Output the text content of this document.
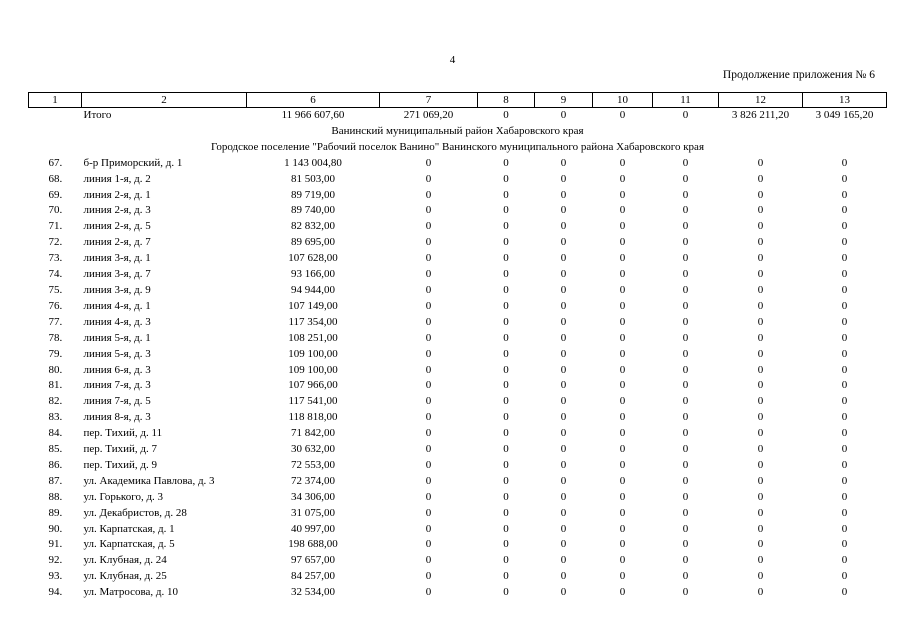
4
Продолжение приложения № 6
1	2	6	7	8	9	10	11	12	13
	Итого	11 966 607,60	271 069,20	0	0	0	0	3 826 211,20	3 049 165,20
Ванинский муниципальный район Хабаровского края									
Городское поселение "Рабочий поселок Ванино" Ванинского муниципального района Хабаровского края									
67.	б-р Приморский, д. 1	1 143 004,80	0	0	0	0	0	0	0
68.	линия 1-я, д. 2	81 503,00	0	0	0	0	0	0	0
69.	линия 2-я, д. 1	89 719,00	0	0	0	0	0	0	0
70.	линия 2-я, д. 3	89 740,00	0	0	0	0	0	0	0
71.	линия 2-я, д. 5	82 832,00	0	0	0	0	0	0	0
72.	линия 2-я, д. 7	89 695,00	0	0	0	0	0	0	0
73.	линия 3-я, д. 1	107 628,00	0	0	0	0	0	0	0
74.	линия 3-я, д. 7	93 166,00	0	0	0	0	0	0	0
75.	линия 3-я, д. 9	94 944,00	0	0	0	0	0	0	0
76.	линия 4-я, д. 1	107 149,00	0	0	0	0	0	0	0
77.	линия 4-я, д. 3	117 354,00	0	0	0	0	0	0	0
78.	линия 5-я, д. 1	108 251,00	0	0	0	0	0	0	0
79.	линия 5-я, д. 3	109 100,00	0	0	0	0	0	0	0
80.	линия 6-я, д. 3	109 100,00	0	0	0	0	0	0	0
81.	линия 7-я, д. 3	107 966,00	0	0	0	0	0	0	0
82.	линия 7-я, д. 5	117 541,00	0	0	0	0	0	0	0
83.	линия 8-я, д. 3	118 818,00	0	0	0	0	0	0	0
84.	пер. Тихий, д. 11	71 842,00	0	0	0	0	0	0	0
85.	пер. Тихий, д. 7	30 632,00	0	0	0	0	0	0	0
86.	пер. Тихий, д. 9	72 553,00	0	0	0	0	0	0	0
87.	ул. Академика Павлова, д. 3	72 374,00	0	0	0	0	0	0	0
88.	ул. Горького, д. 3	34 306,00	0	0	0	0	0	0	0
89.	ул. Декабристов, д. 28	31 075,00	0	0	0	0	0	0	0
90.	ул. Карпатская, д. 1	40 997,00	0	0	0	0	0	0	0
91.	ул. Карпатская, д. 5	198 688,00	0	0	0	0	0	0	0
92.	ул. Клубная, д. 24	97 657,00	0	0	0	0	0	0	0
93.	ул. Клубная, д. 25	84 257,00	0	0	0	0	0	0	0
94.	ул. Матросова, д. 10	32 534,00	0	0	0	0	0	0	0
